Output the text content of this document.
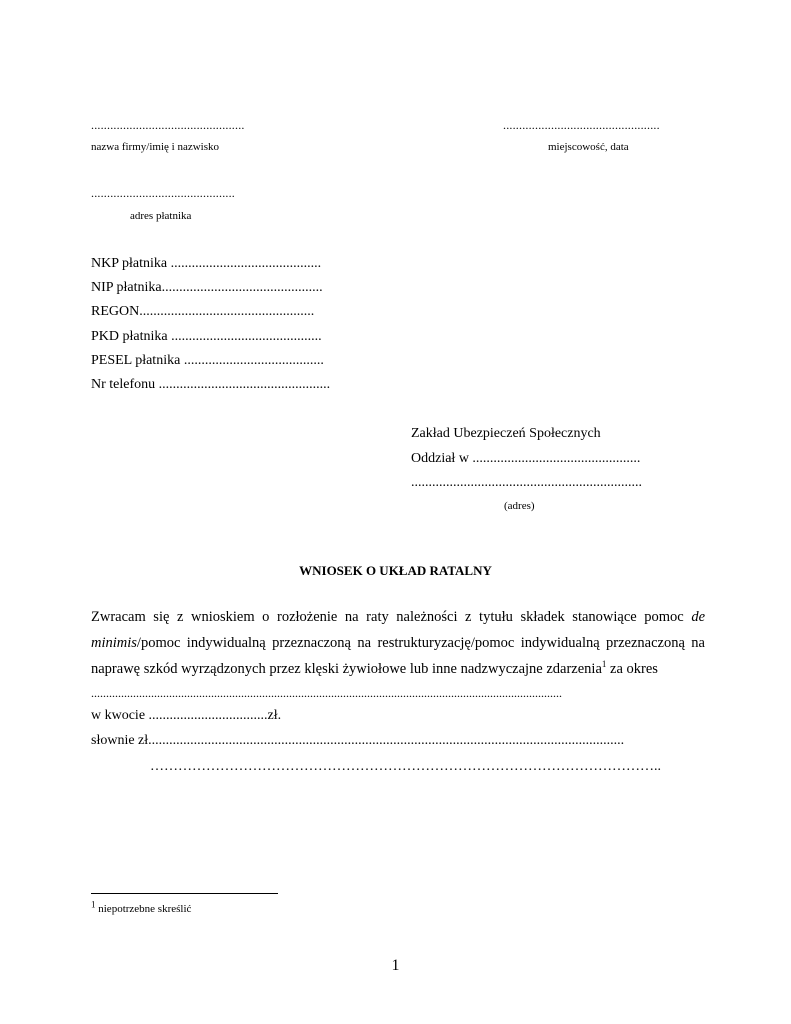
................................................
nazwa firmy/imię i nazwisko
.................................................
miejscowość, data
.............................................
adres płatnika
NKP płatnika ...........................................
NIP płatnika..............................................
REGON..................................................
PKD płatnika ...........................................
PESEL płatnika ........................................
Nr telefonu .................................................
Zakład Ubezpieczeń Społecznych
Oddział w ................................................
..................................................................
(adres)
WNIOSEK O UKŁAD RATALNY
Zwracam się z wnioskiem o rozłożenie na raty należności z tytułu składek stanowiące pomoc de minimis/pomoc indywidualną przeznaczoną na restrukturyzację/pomoc indywidualną przeznaczoną na naprawę szkód wyrządzonych przez klęski żywiołowe lub inne nadzwyczajne zdarzenia$^1$ za okres
.............................................................................................................................................................
w kwocie ..................................zł.
słownie zł........................................................................................................................................
………………………………………………………………………………………………..
$^1$ niepotrzebne skreślić
1
